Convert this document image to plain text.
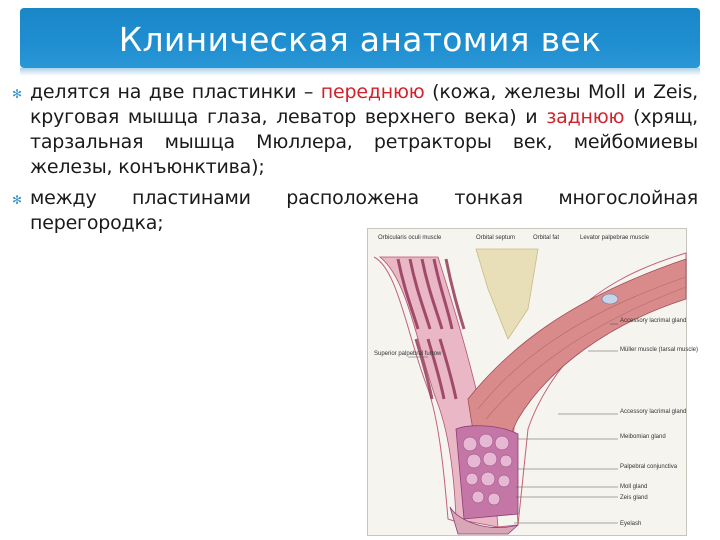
Клиническая анатомия век
✻ делятся на две пластинки – переднюю (кожа, железы Moll и Zeis, круговая мышца глаза, леватор верхнего века) и заднюю (хрящ, тарзальная мышца Мюллера, ретракторы век, мейбомиевы железы, конъюнктива);
✻ между пластинами расположена тонкая многослойная перегородка;
Orbicularis oculi muscle	Orbital septum	Orbital fat	Levator palpebrae muscle
Accessory lacrimal gland
Müller muscle (tarsal muscle)
Accessory lacrimal gland
Meibomian gland
Palpebral conjunctiva
Moll gland
Zeis gland
Eyelash
Superior palpebral furrow
